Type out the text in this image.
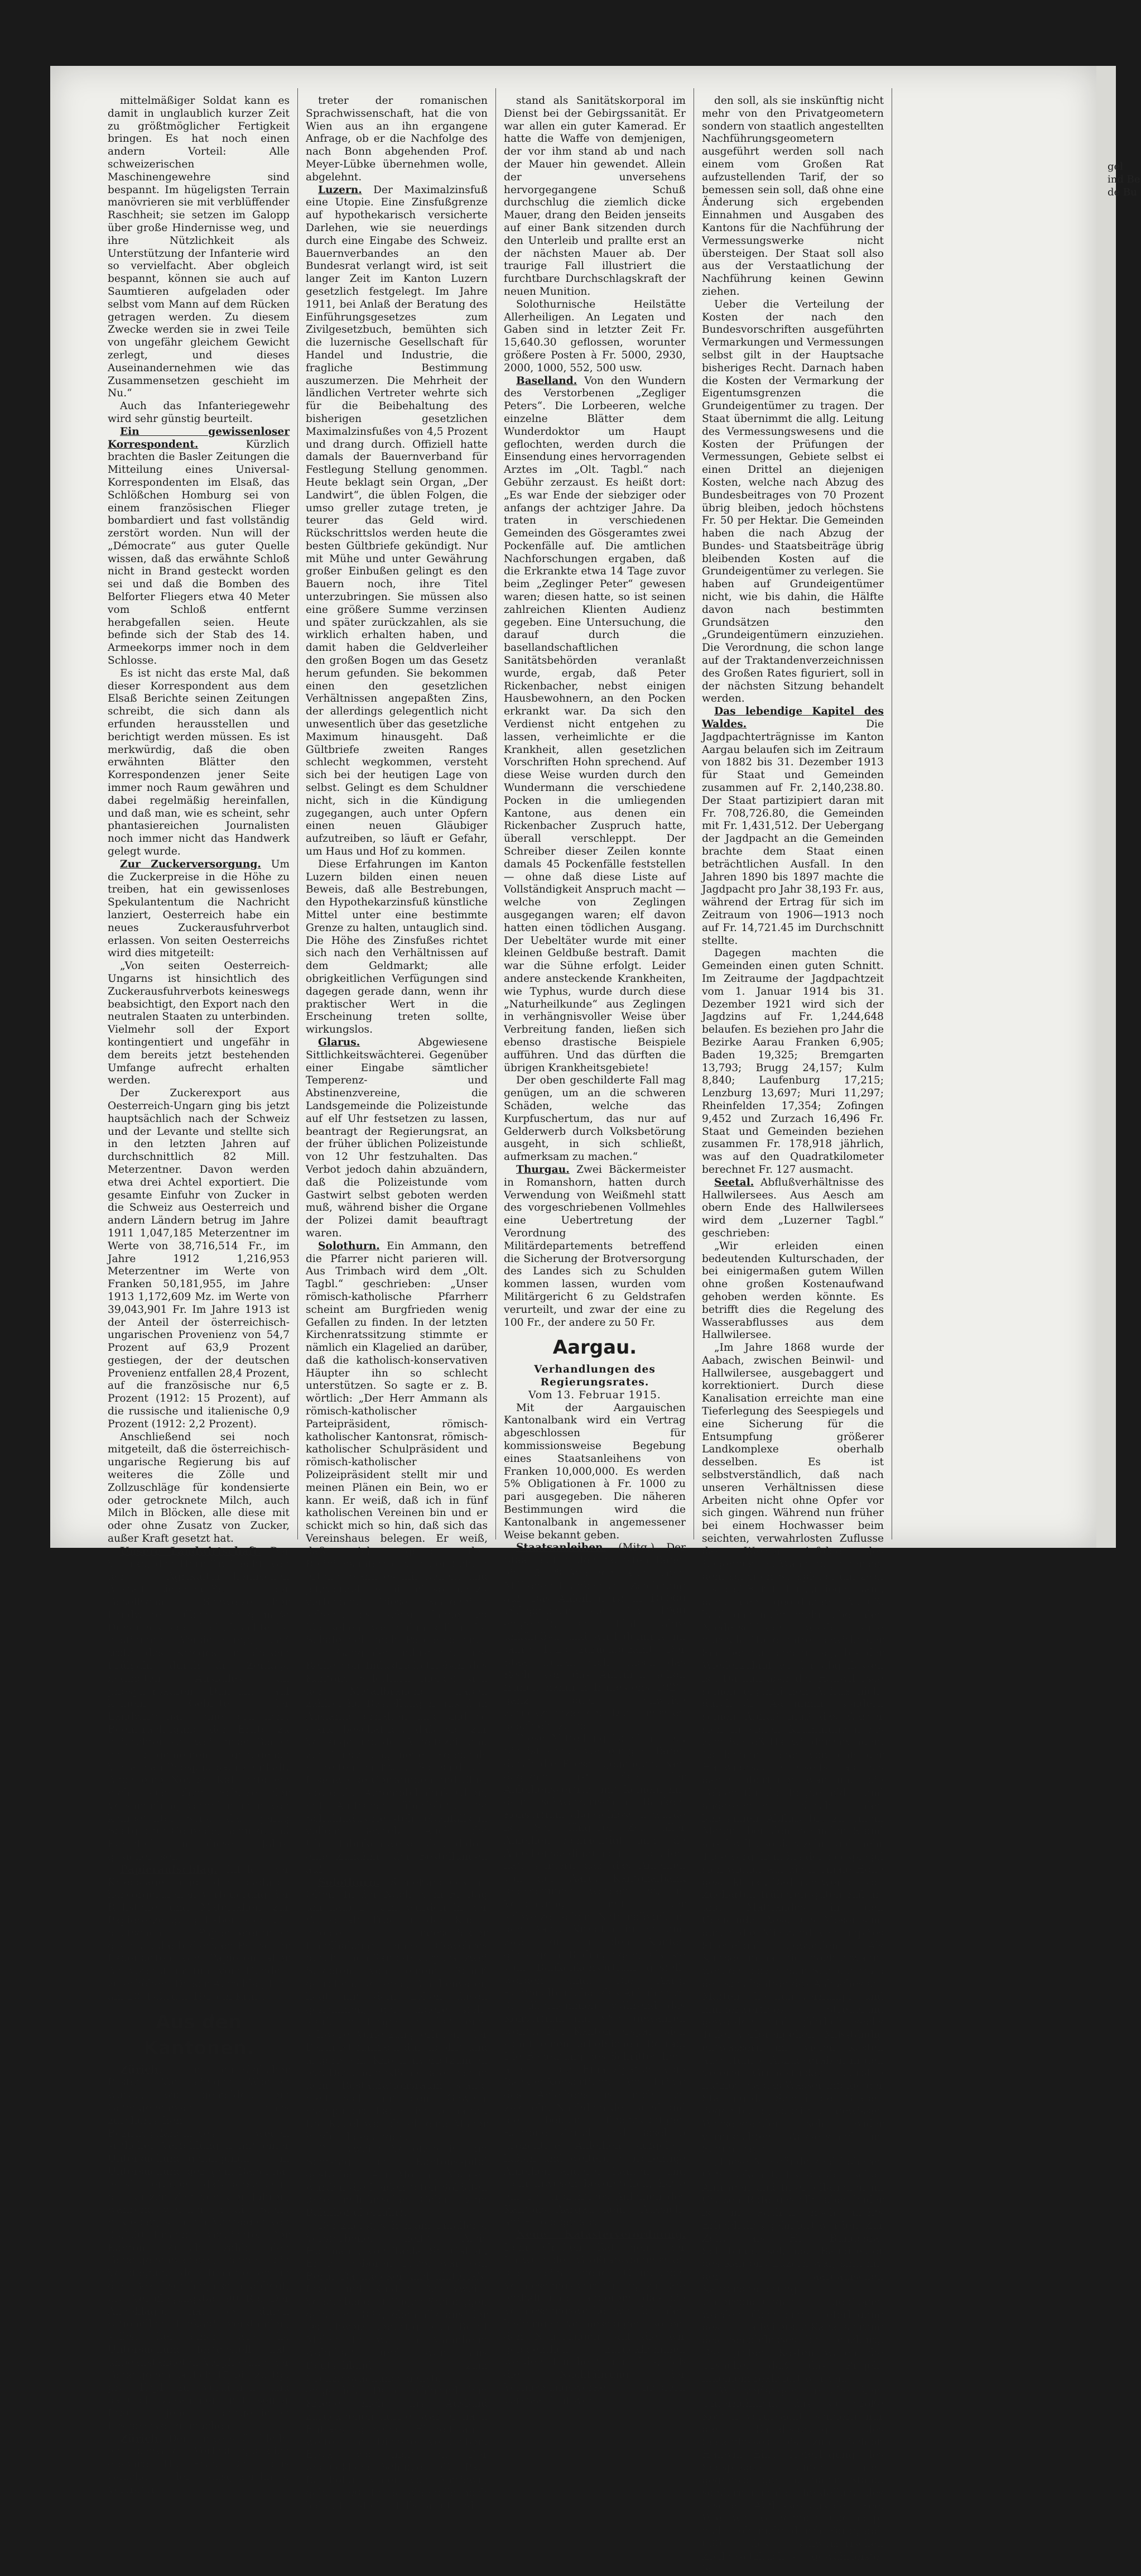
mittelmäßiger Soldat kann es damit in unglaublich kurzer Zeit zu größtmöglicher Fertigkeit bringen. Es hat noch einen andern Vorteil: Alle schweizerischen Maschinengewehre sind bespannt. Im hügeligsten Terrain manövrieren sie mit verblüffender Raschheit; sie setzen im Galopp über große Hindernisse weg, und ihre Nützlichkeit als Unterstützung der Infanterie wird so vervielfacht. Aber obgleich bespannt, können sie auch auf Saumtieren aufgeladen oder selbst vom Mann auf dem Rücken getragen werden. Zu diesem Zwecke werden sie in zwei Teile von ungefähr gleichem Gewicht zerlegt, und dieses Auseinandernehmen wie das Zusammensetzen geschieht im Nu.“

Auch das Infanteriegewehr wird sehr günstig beurteilt.

Ein gewissenloser Korrespondent. Kürzlich brachten die Basler Zeitungen die Mitteilung eines Universal-Korrespondenten im Elsaß, das Schlößchen Homburg sei von einem französischen Flieger bombardiert und fast vollständig zerstört worden. Nun will der „Démocrate“ aus guter Quelle wissen, daß das erwähnte Schloß nicht in Brand gesteckt worden sei und daß die Bomben des Belforter Fliegers etwa 40 Meter vom Schloß entfernt herabgefallen seien. Heute befinde sich der Stab des 14. Armeekorps immer noch in dem Schlosse.

Es ist nicht das erste Mal, daß dieser Korrespondent aus dem Elsaß Berichte seinen Zeitungen schreibt, die sich dann als erfunden herausstellen und berichtigt werden müssen. Es ist merkwürdig, daß die oben erwähnten Blätter den Korrespondenzen jener Seite immer noch Raum gewähren und dabei regelmäßig hereinfallen, und daß man, wie es scheint, sehr phantasiereichen Journalisten noch immer nicht das Handwerk gelegt wurde.

Zur Zuckerversorgung. Um die Zuckerpreise in die Höhe zu treiben, hat ein gewissenloses Spekulantentum die Nachricht lanziert, Oesterreich habe ein neues Zuckerausfuhrverbot erlassen. Von seiten Oesterreichs wird dies mitgeteilt:

„Von seiten Oesterreich-Ungarns ist hinsichtlich des Zuckerausfuhrverbots keineswegs beabsichtigt, den Export nach den neutralen Staaten zu unterbinden. Vielmehr soll der Export kontingentiert und ungefähr in dem bereits jetzt bestehenden Umfange aufrecht erhalten werden.

Der Zuckerexport aus Oesterreich-Ungarn ging bis jetzt hauptsächlich nach der Schweiz und der Levante und stellte sich in den letzten Jahren auf durchschnittlich 82 Mill. Meterzentner. Davon werden etwa drei Achtel exportiert. Die gesamte Einfuhr von Zucker in die Schweiz aus Oesterreich und andern Ländern betrug im Jahre 1911 1,047,185 Meterzentner im Werte von 38,716,514 Fr., im Jahre 1912 1,216,953 Meterzentner im Werte von Franken 50,181,955, im Jahre 1913 1,172,609 Mz. im Werte von 39,043,901 Fr. Im Jahre 1913 ist der Anteil der österreichisch-ungarischen Provenienz von 54,7 Prozent auf 63,9 Prozent gestiegen, der der deutschen Provenienz entfallen 28,4 Prozent, auf die französische nur 6,5 Prozent (1912: 15 Prozent), auf die russische und italienische 0,9 Prozent (1912: 2,2 Prozent).

Anschließend sei noch mitgeteilt, daß die österreichisch-ungarische Regierung bis auf weiteres die Zölle und Zollzuschläge für kondensierte oder getrocknete Milch, auch Milch in Blöcken, alle diese mit oder ohne Zusatz von Zucker, außer Kraft gesetzt hat.

Unsere Landwirtschaft. Der Vortrag, den Herr Dr. Liechti von der Agrikultur-Chemischen Anstalt Liebefeld-Bern in der Gesellschaft Schweizerischer Landwirte über zeitgemäße Düngungsfragen hielt, brachte die bestimmte Versicherung, daß trotz des Krieges in diesem Frühjahr durch die Zeitlage bedingten Ausfalles an phosphorsauren Düngung auf keinem Gebiete der Landwirtschaft eine ernstliche Beeinträchtigung der Ernte zu befürchten sei, weil unser Boden im allgemeinen genügende Vorräte an Phosphorsäure enthält. Auch eine Not an Kali entstehe nicht aus dem Schoße der Versammlung vernahm man von kompetenter Seite, daß genug Saatgut für Getreide, Gemüse und Kartoffeln in diesem Jahre gesichert sei.

Papieraufschlag. Infolge der Kriegslage und der dadurch hervorgerufenen Verteuerung der Rohstoffe und Materialien zur Papiererzeugung haben sich die deutschen Papierlieferanten geeinigt, die bisherigen Preise für Lagersorten von Papieren aller Art vorerst um fünf vom Hundert zu erhöhen. Dieser Aufschlag tritt am 20. Februar 1915 in Kraft.

Aus den Kantonen.

Zürich. Ein einträglicher Posten. Vor einigen Wochen wurde, wie gemeldet, ein Gefangenenwart eines zürcherischen Bezirksgefängnisses wegen sittlicher Verfehlungen mit einer Untersuchungsgefangenen in Untersuchung gezogen. Dabei hat es sich ergeben, daß derselbe in der kurzen Zeit von vier Jahren, während welcher er die Stelle bekleidet, sich ein Vermögen von 33,000 Franken verdiente. Der Kanton Zürich zahlt den Gefangenenwärtern, denen die Verpflegung der Inhaftierten in den Bezirksgefängnissen obliegt, pro Verpflegungstag 90 Rp. Der Angeklagte hat es durch rationellen Einkauf verstanden, selbst bei einer, wie die Untersuchung festgestellt hat, unbeanstandeten Verpflegung der Gefangenen täglich 15 bis 20 Rp. pro Kopf zu verdienen und dadurch zusammen mit seiner Frau jene bürgerlichen Ersparnisse zu machen.

Zürich. Der Universität bleibt ein schwerer Verlust glücklich erspart: Hr. Prof. Dr. Louis Gauchat, der ausgezeichnete Vertreter

treter der romanischen Sprachwissenschaft, hat die von Wien aus an ihn ergangene Anfrage, ob er die Nachfolge des nach Bonn abgehenden Prof. Meyer-Lübke übernehmen wolle, abgelehnt.

Luzern. Der Maximalzinsfuß eine Utopie. Eine Zinsfußgrenze auf hypothekarisch versicherte Darlehen, wie sie neuerdings durch eine Eingabe des Schweiz. Bauernverbandes an den Bundesrat verlangt wird, ist seit langer Zeit im Kanton Luzern gesetzlich festgelegt. Im Jahre 1911, bei Anlaß der Beratung des Einführungsgesetzes zum Zivilgesetzbuch, bemühten sich die luzernische Gesellschaft für Handel und Industrie, die fragliche Bestimmung auszumerzen. Die Mehrheit der ländlichen Vertreter wehrte sich für die Beibehaltung des bisherigen gesetzlichen Maximalzinsfußes von 4,5 Prozent und drang durch. Offiziell hatte damals der Bauernverband für Festlegung Stellung genommen. Heute beklagt sein Organ, „Der Landwirt“, die üblen Folgen, die umso greller zutage treten, je teurer das Geld wird. Rückschrittslos werden heute die besten Gültbriefe gekündigt. Nur mit Mühe und unter Gewährung großer Einbußen gelingt es den Bauern noch, ihre Titel unterzubringen. Sie müssen also eine größere Summe verzinsen und später zurückzahlen, als sie wirklich erhalten haben, und damit haben die Geldverleiher den großen Bogen um das Gesetz herum gefunden. Sie bekommen einen den gesetzlichen Verhältnissen angepaßten Zins, der allerdings gelegentlich nicht unwesentlich über das gesetzliche Maximum hinausgeht. Daß Gültbriefe zweiten Ranges schlecht wegkommen, versteht sich bei der heutigen Lage von selbst. Gelingt es dem Schuldner nicht, sich in die Kündigung zugegangen, auch unter Opfern einen neuen Gläubiger aufzutreiben, so läuft er Gefahr, um Haus und Hof zu kommen.

Diese Erfahrungen im Kanton Luzern bilden einen neuen Beweis, daß alle Bestrebungen, den Hypothekarzinsfuß künstliche Mittel unter eine bestimmte Grenze zu halten, untauglich sind. Die Höhe des Zinsfußes richtet sich nach den Verhältnissen auf dem Geldmarkt; alle obrigkeitlichen Verfügungen sind dagegen gerade dann, wenn ihr praktischer Wert in die Erscheinung treten sollte, wirkungslos.

Glarus. Abgewiesene Sittlichkeitswächterei. Gegenüber einer Eingabe sämtlicher Temperenz- und Abstinenzvereine, die Landsgemeinde die Polizeistunde auf elf Uhr festsetzen zu lassen, beantragt der Regierungsrat, an der früher üblichen Polizeistunde von 12 Uhr festzuhalten. Das Verbot jedoch dahin abzuändern, daß die Polizeistunde vom Gastwirt selbst geboten werden muß, während bisher die Organe der Polizei damit beauftragt waren.

Solothurn. Ein Ammann, den die Pfarrer nicht parieren will. Aus Trimbach wird dem „Olt. Tagbl.“ geschrieben: „Unser römisch-katholische Pfarrherr scheint am Burgfrieden wenig Gefallen zu finden. In der letzten Kirchenratssitzung stimmte er nämlich ein Klagelied an darüber, daß die katholisch-konservativen Häupter ihn so schlecht unterstützen. So sagte er z. B. wörtlich: „Der Herr Ammann als römisch-katholischer Parteipräsident, römisch-katholischer Kantonsrat, römisch-katholischer Schulpräsident und römisch-katholischer Polizeipräsident stellt mir und meinen Plänen ein Bein, wo er kann. Er weiß, daß ich in fünf katholischen Vereinen bin und er schickt mich so hin, daß sich das Vereinshaus belegen. Er weiß, daß ich gerne den Religionsunterricht in der Schule erteile, wann es mir beliebt und jetzt ergeht es mir, mit solches zu verbieten.“ Dieser Seelenhirte scheint es schon lange zu übersehen, wenn ihm selber die Schafe nicht mehr Parole halten.

— Gang der Industrien. Eine Reihe von Industriebetrieben des Kantons Solothurn meldet sich der Metallbranche, haben zahlreiche Bestellungen aus dem Auslande erhalten und sind so stark beschäftigt, daß sie zur Verlängerung der Arbeitszeit und zur Einstellung neuer Personals schreiten mußten. So sind die Eisenwerke Gerlafingen und Clus, sowie die Automobilfabrik Olten, mit Aufträgen überhäuft. Die Schuhindustrie steht ebenfalls in vollem Betrieb. Auch die Uhrenfabriken weisen da und dort eine Zunahme der Bestellungen auf.

Solothurn. Schießunglück in Olten. In der Nacht vom Freitag um halb 10 Uhr wurden in der Wirtschaft Trog in der Küche infolge ungeschickter Handhabung eines Gewehres durch einen Sanitätskorporal zwei Soldaten von einem Schuß getroffen. Der eine, Familienvater, liegt mit dem Leben davon gekommen, der andere steht stark in Frage, er hat eine schwere Verletzung erlitten; der Darm ist fünffach durchbohrt und abgerissen, Knochenverletzungen etc. Der unglückliche Täter, der in dem Restaurationsraum stand, hielt sich mit dem Gewehr manipuliert hatte, ist verhaftet. Die Kugel war durch eine Mauer hindurchgegangen.

Der zweite Verletzte ist am Samstag im Kantonsspital gestorben. Am Montag Morgen wurden die beiden toten Soldaten unter militärischen Geleite zum Bahnhof überführt.

Der zuerst, schon am Unfallorte Verstorbene, heißt Alois Hoffmann, von Tablat-St. Gallen. Er ist geboren 1875, war von Beruf Dachdecker und hinterläßt Frau und Kinder. Der zweite Verstorbene ist Eugen Steinegger, geboren 1893, ebenfalls aus der Ostschweiz gebürtig, von Beruf Maler. Er war in Mannheim wohnhaft und war aus Deutschland zum Grenzbewachungsdienste eingerückt. Da er während dem Kriege nicht ins Ausland zurückgehen durfte, war er nach Entlassung seiner Einheit auch weiter im Dienste verblieben. Etwa, wo hielt er. Der unglückliche Schütze heißt Paul Bartholdi, Maler, von Amriswil, geb. 1890. Er ist ebenfalls noch ledig. Er ist ebenfalls Braut und

stand als Sanitätskorporal im Dienst bei der Gebirgssanität. Er war allen ein guter Kamerad. Er hatte die Waffe von demjenigen, der vor ihm stand ab und nach der Mauer hin gewendet. Allein der unversehens hervorgegangene Schuß durchschlug die ziemlich dicke Mauer, drang den Beiden jenseits auf einer Bank sitzenden durch den Unterleib und prallte erst an der nächsten Mauer ab. Der traurige Fall illustriert die furchtbare Durchschlagskraft der neuen Munition.

Solothurnische Heilstätte Allerheiligen. An Legaten und Gaben sind in letzter Zeit Fr. 15,640.30 geflossen, worunter größere Posten à Fr. 5000, 2930, 2000, 1000, 552, 500 usw.

Baselland. Von den Wundern des Verstorbenen „Zegliger Peters“. Die Lorbeeren, welche einzelne Blätter dem Wunderdoktor um Haupt geflochten, werden durch die Einsendung eines hervorragenden Arztes im „Olt. Tagbl.“ nach Gebühr zerzaust. Es heißt dort: „Es war Ende der siebziger oder anfangs der achtziger Jahre. Da traten in verschiedenen Gemeinden des Gösgeramtes zwei Pockenfälle auf. Die amtlichen Nachforschungen ergaben, daß die Erkrankte etwa 14 Tage zuvor beim „Zeglinger Peter“ gewesen waren; diesen hatte, so ist seinen zahlreichen Klienten Audienz gegeben. Eine Untersuchung, die darauf durch die basellandschaftlichen Sanitätsbehörden veranlaßt wurde, ergab, daß Peter Rickenbacher, nebst einigen Hausbewohnern, an den Pocken erkrankt war. Da sich den Verdienst nicht entgehen zu lassen, verheimlichte er die Krankheit, allen gesetzlichen Vorschriften Hohn sprechend. Auf diese Weise wurden durch den Wundermann die verschiedene Pocken in die umliegenden Kantone, aus denen ein Rickenbacher Zuspruch hatte, überall verschleppt. Der Schreiber dieser Zeilen konnte damals 45 Pockenfälle feststellen — ohne daß diese Liste auf Vollständigkeit Anspruch macht — welche von Zeglingen ausgegangen waren; elf davon hatten einen tödlichen Ausgang. Der Uebeltäter wurde mit einer kleinen Geldbuße bestraft. Damit war die Sühne erfolgt. Leider andere ansteckende Krankheiten, wie Typhus, wurde durch diese „Naturheilkunde“ aus Zeglingen in verhängnisvoller Weise über Verbreitung fanden, ließen sich ebenso drastische Beispiele aufführen. Und das dürften die übrigen Krankheitsgebiete!

Der oben geschilderte Fall mag genügen, um an die schweren Schäden, welche das Kurpfuschertum, das nur auf Gelderwerb durch Volksbetörung ausgeht, in sich schließt, aufmerksam zu machen.“

Thurgau. Zwei Bäckermeister in Romanshorn, hatten durch Verwendung von Weißmehl statt des vorgeschriebenen Vollmehles eine Uebertretung der Verordnung des Militärdepartements betreffend die Sicherung der Brotversorgung des Landes sich zu Schulden kommen lassen, wurden vom Militärgericht 6 zu Geldstrafen verurteilt, und zwar der eine zu 100 Fr., der andere zu 50 Fr.

Aargau.

Verhandlungen des Regierungsrates.

Vom 13. Februar 1915.

Mit der Aargauischen Kantonalbank wird ein Vertrag abgeschlossen für kommissionsweise Begebung eines Staatsanleihens von Franken 10,000,000. Es werden 5% Obligationen à Fr. 1000 zu pari ausgegeben. Die näheren Bestimmungen wird die Kantonalbank in angemessener Weise bekannt geben.

Staatsanleihen. (Mitg.) Der Staat legt in den nächsten Tagen ein 5 %-Anleihen von zehn Millionen Franken zur Zeichnung auf. Das Anleihen ist in 10,000 Obligationen von Fr. 1000 eingeteilt, auf fünf Jahre unkündbar und wird definitiv im Jahre 1925 zurückbezahlt. Der Staat behält sich jedoch das Recht vor, das Anleihen schon früher, nämlich frühestens 1920, ganz oder teilweise zurückzubezahlen. Die Emission geschieht zu pari.

Diese Mitteilung ist nicht neu. Sie ist schon vor einigen Tagen durch die Presse gegangen. Neu dagegen ist, daß der Anleihensvertrag mit keinem mit dem schweizerischen Banken-Konsortium abgeschlossen wurde ist. Seit längerer Zeit aller Anleihen bemächtigt und die Anleihensbedingungen diktiert hat, sondern daß das Anleihen von der Aarg. Kantonalbank übernommen worden ist, in Verbindung mit der schweizerischen Nationalbank in den Aarg. Kreditinstituten und zwar zu für den Kanton günstigern Bedingungen, als sie vom Bankenkonsortium gestellt worden sind. Die Aarg. Kantonalbank hat das Anleihen zu 99 übernommen, während das Konsortium nur 98½ gewähren wollte. Der Kanton erspart sich somit einen erheblichen Betrag. Die Bedeutung des Schrittes liegt aber in der Emanzipation vom Banken-Konsortium. Am Erfolg des Anleihens ist nicht zu zweifeln. Nachdem der Bund und die beiden finanzkräftigen Kantone Zürich und Basel 5 prozentige Anleihen aufgelegt haben und weitere 5 prozentige Anleihen anderer Kantone und Gemeinwesen bevorstehen, hätte ein 4½ prozentiges Anleihen des Kantons Aargau keine Aussicht auf Erfolg gehabt.

Neue Katasterverordnung. Dem Großen Rat geht der Entwurf der Großratskommission über eine neue Grundbuch-Vermessungs-Verordnung zu. Sie enthält unter anderem, daß die Vermessungswerke wie bei den bisherigen Vermessungen, so bei den Neuerungen, auf die wir gelegentlich zurückkommen werden. Für heute nur dies, daß die Nachführung der Vermessungswerke insofern verstaatlicht wer-

den soll, als sie inskünftig nicht mehr von den Privatgeometern sondern von staatlich angestellten Nachführungsgeometern ausgeführt werden soll nach einem vom Großen Rat aufzustellenden Tarif, der so bemessen sein soll, daß ohne eine Änderung sich ergebenden Einnahmen und Ausgaben des Kantons für die Nachführung der Vermessungswerke nicht übersteigen. Der Staat soll also aus der Verstaatlichung der Nachführung keinen Gewinn ziehen.

Ueber die Verteilung der Kosten der nach den Bundesvorschriften ausgeführten Vermarkungen und Vermessungen selbst gilt in der Hauptsache bisheriges Recht. Darnach haben die Kosten der Vermarkung der Eigentumsgrenzen die Grundeigentümer zu tragen. Der Staat übernimmt die allg. Leitung des Vermessungswesens und die Kosten der Prüfungen der Vermessungen, Gebiete selbst ei einen Drittel an diejenigen Kosten, welche nach Abzug des Bundesbeitrages von 70 Prozent übrig bleiben, jedoch höchstens Fr. 50 per Hektar. Die Gemeinden haben die nach Abzug der Bundes- und Staatsbeiträge übrig bleibenden Kosten auf die Grundeigentümer zu verlegen. Sie haben auf Grundeigentümer nicht, wie bis dahin, die Hälfte davon nach bestimmten Grundsätzen den „Grundeigentümern einzuziehen. Die Verordnung, die schon lange auf der Traktandenverzeichnissen des Großen Rates figuriert, soll in der nächsten Sitzung behandelt werden.

Das lebendige Kapitel des Waldes. Die Jagdpachterträgnisse im Kanton Aargau belaufen sich im Zeitraum von 1882 bis 31. Dezember 1913 für Staat und Gemeinden zusammen auf Fr. 2,140,238.80. Der Staat partizipiert daran mit Fr. 708,726.80, die Gemeinden mit Fr. 1,431,512. Der Uebergang der Jagdpacht an die Gemeinden brachte dem Staat einen beträchtlichen Ausfall. In den Jahren 1890 bis 1897 machte die Jagdpacht pro Jahr 38,193 Fr. aus, während der Ertrag für sich im Zeitraum von 1906—1913 noch auf Fr. 14,721.45 im Durchschnitt stellte.

Dagegen machten die Gemeinden einen guten Schnitt. Im Zeitraume der Jagdpachtzeit vom 1. Januar 1914 bis 31. Dezember 1921 wird sich der Jagdzins auf Fr. 1,244,648 belaufen. Es beziehen pro Jahr die Bezirke Aarau Franken 6,905; Baden 19,325; Bremgarten 13,793; Brugg 24,157; Kulm 8,840; Laufenburg 17,215; Lenzburg 13,697; Muri 11,297; Rheinfelden 17,354; Zofingen 9,452 und Zurzach 16,496 Fr. Staat und Gemeinden beziehen zusammen Fr. 178,918 jährlich, was auf den Quadratkilometer berechnet Fr. 127 ausmacht.

Seetal. Abflußverhältnisse des Hallwilersees. Aus Aesch am obern Ende des Hallwilersees wird dem „Luzerner Tagbl.“ geschrieben:

„Wir erleiden einen bedeutenden Kulturschaden, der bei einigermaßen gutem Willen ohne großen Kostenaufwand gehoben werden könnte. Es betrifft dies die Regelung des Wasserabflusses aus dem Hallwilersee.

„Im Jahre 1868 wurde der Aabach, zwischen Beinwil- und Hallwilersee, ausgebaggert und korrektioniert. Durch diese Kanalisation erreichte man eine Tieferlegung des Seespiegels und eine Sicherung für die Entsumpfung größerer Landkomplexe oberhalb desselben. Es ist selbstverständlich, daß nach unseren Verhältnissen diese Arbeiten nicht ohne Opfer vor sich gingen. Während nun früher bei einem Hochwasser beim seichten, verwahrlosten Zuflusse das Wasser infolge des Regengüssen. Während früher bei dem seichten Seespiegel um zwei bis drei Fuß tiefer zu liegen kam, dank dem geordneten Abfluß, bald gar nicht mehr über den Niederschlägen wieder eine normale Höhe hatte, bewirkt der See bei nur einem Tag, bis der Wiederzulauf wieder abgeflossen ist. Da nun aber der Hallwilersee seinen eigentlichen Abfluß nicht durch die Aa nimmt, sondern seinen Abfluß muß das Wasser sich in vielen Krümmungen bis zum Schloß Hallwil durchwinden. Es kommt daher vor, daß der Hallwilersee einerseits bald bis dahin überflutet war und die Folgen für die Beggerfelder und andererseits durch den langsamen Abfluß bis zu einem Meter über den normalen Stand anschwillt, so daß zehn und mehr Tage vergehen, bis der Seespiegel sich wieder auf die normale Höhe gesenkt hat. Dadurch werden von Zuckarten früheren guten Kultur- und Mattlandes in den Gemeinden Aesch und Mosen sind durch die Mißstand versumpftes Streueland geworden. Als Kurisosum hat hier noch erwähnt werden, daß unser See oberhalb der Kanalisation des Aabaches auf Matten, die nun vernumpft und minderwertiges Streueland geworden sind, jährlich sechs Teiler verlorengehen. Mißständig entwässern mit vielen Kosten ausgeführte Abzugsgräben in den tieferen Grundstücken gedrohte nutzlos; da das Wasser infolge der Stauung des Sees in den Gräben liegen bleibt, so tritt bei gewissen Wasserständen sehr wider verursachten Wasserstand im Sommer ein.

„Diese Mißstände sind höheren Orts bekannt. Es wurden schon Anfragen und Interpellationen im Großen Rate gestellt, aber leider ist in Sachen noch nichts Erhebliches geändert worden. Zur Zeit, als Hr. Bundesrat Schobinger sel. noch Baudirektor des Kantons Luzern war, sind mit der aargauischen Kantonsregierung Unterhandlungen gepflogen worden über eine Tieferlegung des Hallwilersee-Kanalisierung des Seeabflusses bei Lenzburg. Die großen Kosten waren die Ursache, daß das Projekt inkeinem realisiert worden.

„Wir verlangen nun aber kein Unternehmen, das so große Kosten verursacht, sondern nur die Kanalisierung des Seeabflusses bis zum Schloß Hallwil. Eine Tieferlegung des Seespiegels unter ihren gegenwärtigen normalen Stand, sondern nur die Herstellung des raschern Abflusses aus dem See. Wie wir vernehmen überhaupt nicht, ob nicht durch Paragraph 690 des schweizerischen Zivilgesetzbuches gewährleistet ist.

gel ind Be de Bu
